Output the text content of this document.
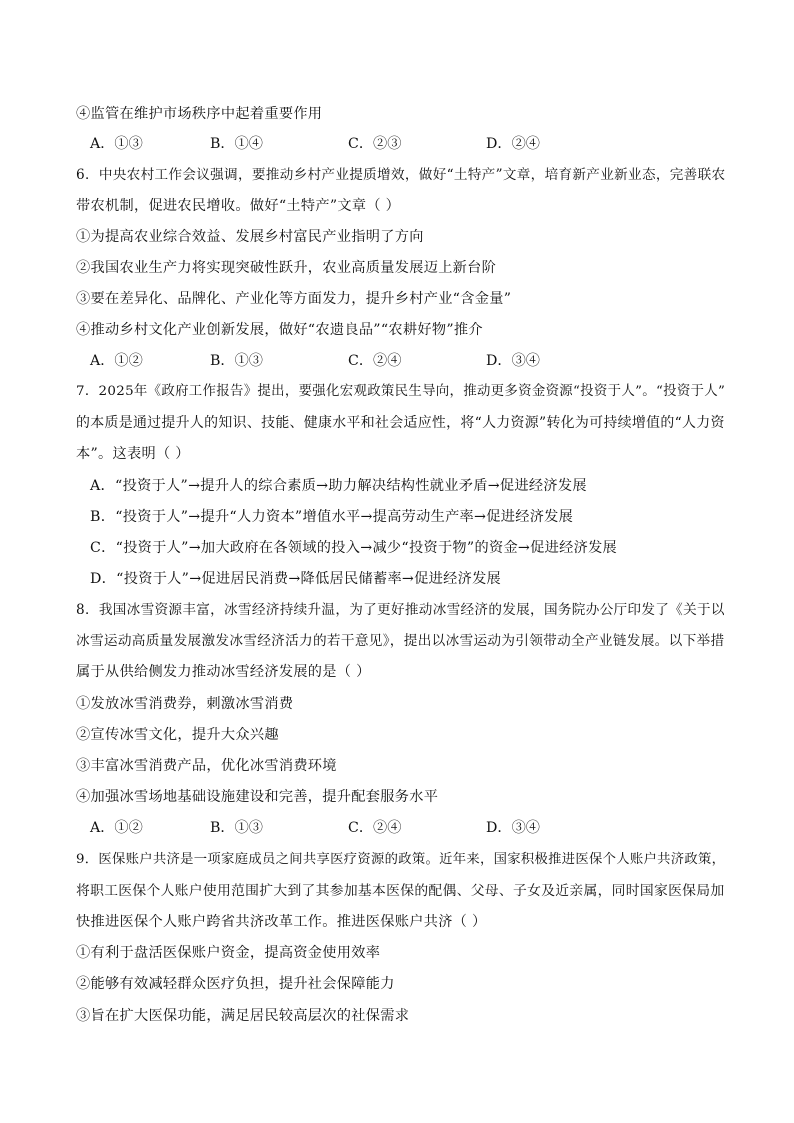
④监管在维护市场秩序中起着重要作用
A．①③	B．①④	C．②③	D．②④
6．中央农村工作会议强调，要推动乡村产业提质增效，做好“土特产”文章，培育新产业新业态，完善联农
带农机制，促进农民增收。做好“土特产”文章（ ）
①为提高农业综合效益、发展乡村富民产业指明了方向
②我国农业生产力将实现突破性跃升，农业高质量发展迈上新台阶
③要在差异化、品牌化、产业化等方面发力，提升乡村产业“含金量”
④推动乡村文化产业创新发展，做好“农遗良品”“农耕好物”推介
A．①②	B．①③	C．②④	D．③④
7．2025年《政府工作报告》提出，要强化宏观政策民生导向，推动更多资金资源“投资于人”。“投资于人”
的本质是通过提升人的知识、技能、健康水平和社会适应性，将“人力资源”转化为可持续增值的“人力资
本”。这表明（ ）
A．“投资于人”→提升人的综合素质→助力解决结构性就业矛盾→促进经济发展
B．“投资于人”→提升“人力资本”增值水平→提高劳动生产率→促进经济发展
C．“投资于人”→加大政府在各领域的投入→减少“投资于物”的资金→促进经济发展
D．“投资于人”→促进居民消费→降低居民储蓄率→促进经济发展
8．我国冰雪资源丰富，冰雪经济持续升温，为了更好推动冰雪经济的发展，国务院办公厅印发了《关于以
冰雪运动高质量发展激发冰雪经济活力的若干意见》，提出以冰雪运动为引领带动全产业链发展。以下举措
属于从供给侧发力推动冰雪经济发展的是（ ）
①发放冰雪消费券，刺激冰雪消费
②宣传冰雪文化，提升大众兴趣
③丰富冰雪消费产品，优化冰雪消费环境
④加强冰雪场地基础设施建设和完善，提升配套服务水平
A．①②	B．①③	C．②④	D．③④
9．医保账户共济是一项家庭成员之间共享医疗资源的政策。近年来，国家积极推进医保个人账户共济政策，
将职工医保个人账户使用范围扩大到了其参加基本医保的配偶、父母、子女及近亲属，同时国家医保局加
快推进医保个人账户跨省共济改革工作。推进医保账户共济（ ）
①有利于盘活医保账户资金，提高资金使用效率
②能够有效减轻群众医疗负担，提升社会保障能力
③旨在扩大医保功能，满足居民较高层次的社保需求
